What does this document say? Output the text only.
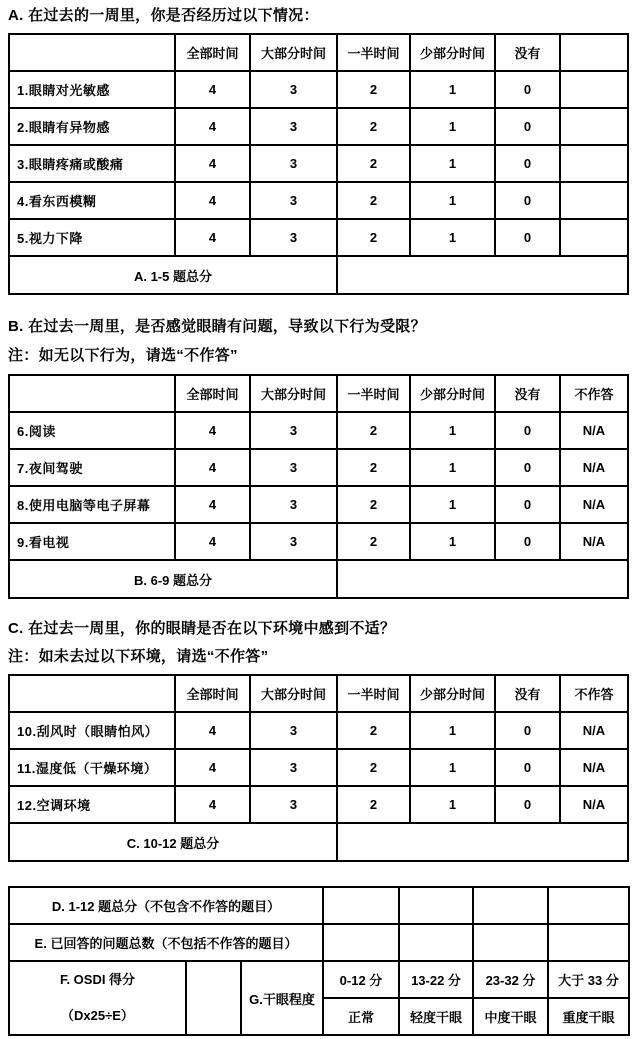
A. 在过去的一周里，你是否经历过以下情况：
	全部时间	大部分时间	一半时间	少部分时间	没有	
1.眼睛对光敏感	4	3	2	1	0	
2.眼睛有异物感	4	3	2	1	0	
3.眼睛疼痛或酸痛	4	3	2	1	0	
4.看东西模糊	4	3	2	1	0	
5.视力下降	4	3	2	1	0	
A. 1-5 题总分						
B. 在过去一周里，是否感觉眼睛有问题，导致以下行为受限？
注：如无以下行为，请选“不作答”
	全部时间	大部分时间	一半时间	少部分时间	没有	不作答
6.阅读	4	3	2	1	0	N/A
7.夜间驾驶	4	3	2	1	0	N/A
8.使用电脑等电子屏幕	4	3	2	1	0	N/A
9.看电视	4	3	2	1	0	N/A
B. 6-9 题总分						
C. 在过去一周里，你的眼睛是否在以下环境中感到不适？
注：如未去过以下环境，请选“不作答”
	全部时间	大部分时间	一半时间	少部分时间	没有	不作答
10.刮风时（眼睛怕风）	4	3	2	1	0	N/A
11.湿度低（干燥环境）	4	3	2	1	0	N/A
12.空调环境	4	3	2	1	0	N/A
C. 10-12 题总分						
D. 1-12 题总分（不包含不作答的题目）						
E. 已回答的问题总数（不包括不作答的题目）						

F. OSDI 得分
（Dx25÷E）		G.干眼程度	0-12 分	13-22 分	23-32 分	大于 33 分
			正常	轻度干眼	中度干眼	重度干眼
